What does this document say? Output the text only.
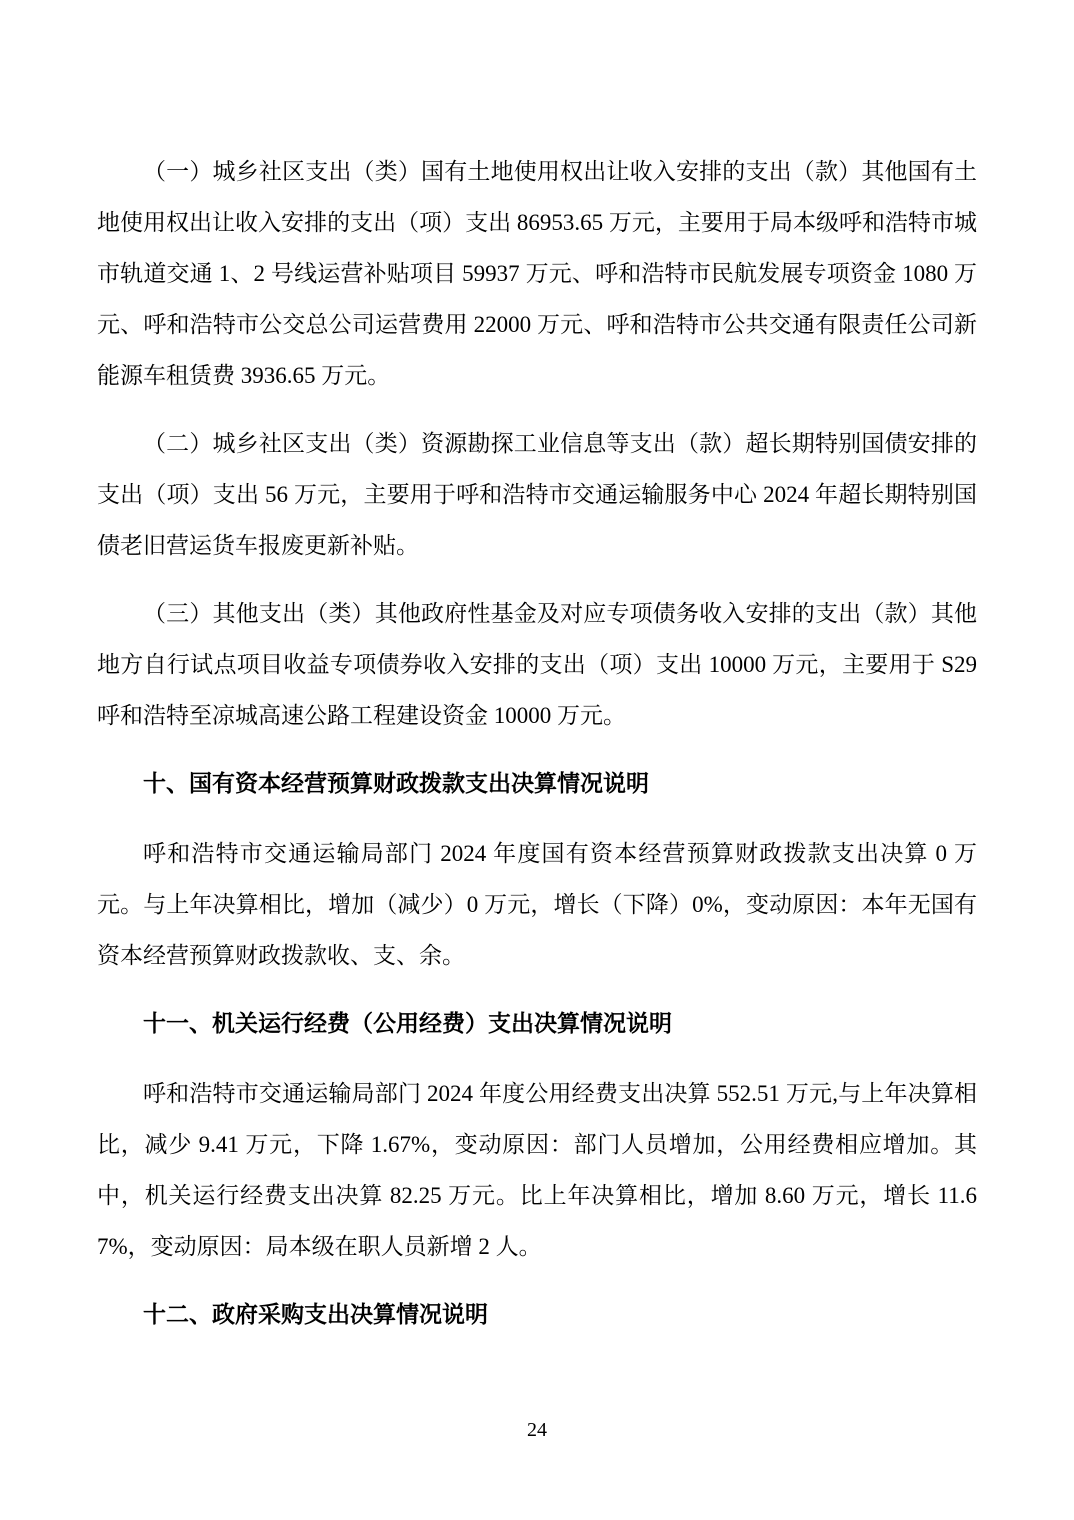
（一）城乡社区支出（类）国有土地使用权出让收入安排的支出（款）其他国有土地使用权出让收入安排的支出（项）支出 86953.65 万元，主要用于局本级呼和浩特市城市轨道交通 1、2 号线运营补贴项目 59937 万元、呼和浩特市民航发展专项资金 1080 万元、呼和浩特市公交总公司运营费用 22000 万元、呼和浩特市公共交通有限责任公司新能源车租赁费 3936.65 万元。

（二）城乡社区支出（类）资源勘探工业信息等支出（款）超长期特别国债安排的支出（项）支出 56 万元，主要用于呼和浩特市交通运输服务中心 2024 年超长期特别国债老旧营运货车报废更新补贴。

（三）其他支出（类）其他政府性基金及对应专项债务收入安排的支出（款）其他地方自行试点项目收益专项债券收入安排的支出（项）支出 10000 万元，主要用于 S29 呼和浩特至凉城高速公路工程建设资金 10000 万元。

十、国有资本经营预算财政拨款支出决算情况说明

呼和浩特市交通运输局部门 2024 年度国有资本经营预算财政拨款支出决算 0 万元。与上年决算相比，增加（减少）0 万元，增长（下降）0%，变动原因：本年无国有资本经营预算财政拨款收、支、余。

十一、机关运行经费（公用经费）支出决算情况说明

呼和浩特市交通运输局部门 2024 年度公用经费支出决算 552.51 万元,与上年决算相比，减少 9.41 万元，下降 1.67%，变动原因：部门人员增加，公用经费相应增加。其中，机关运行经费支出决算 82.25 万元。比上年决算相比，增加 8.60 万元，增长 11.67%，变动原因：局本级在职人员新增 2 人。

十二、政府采购支出决算情况说明
24
